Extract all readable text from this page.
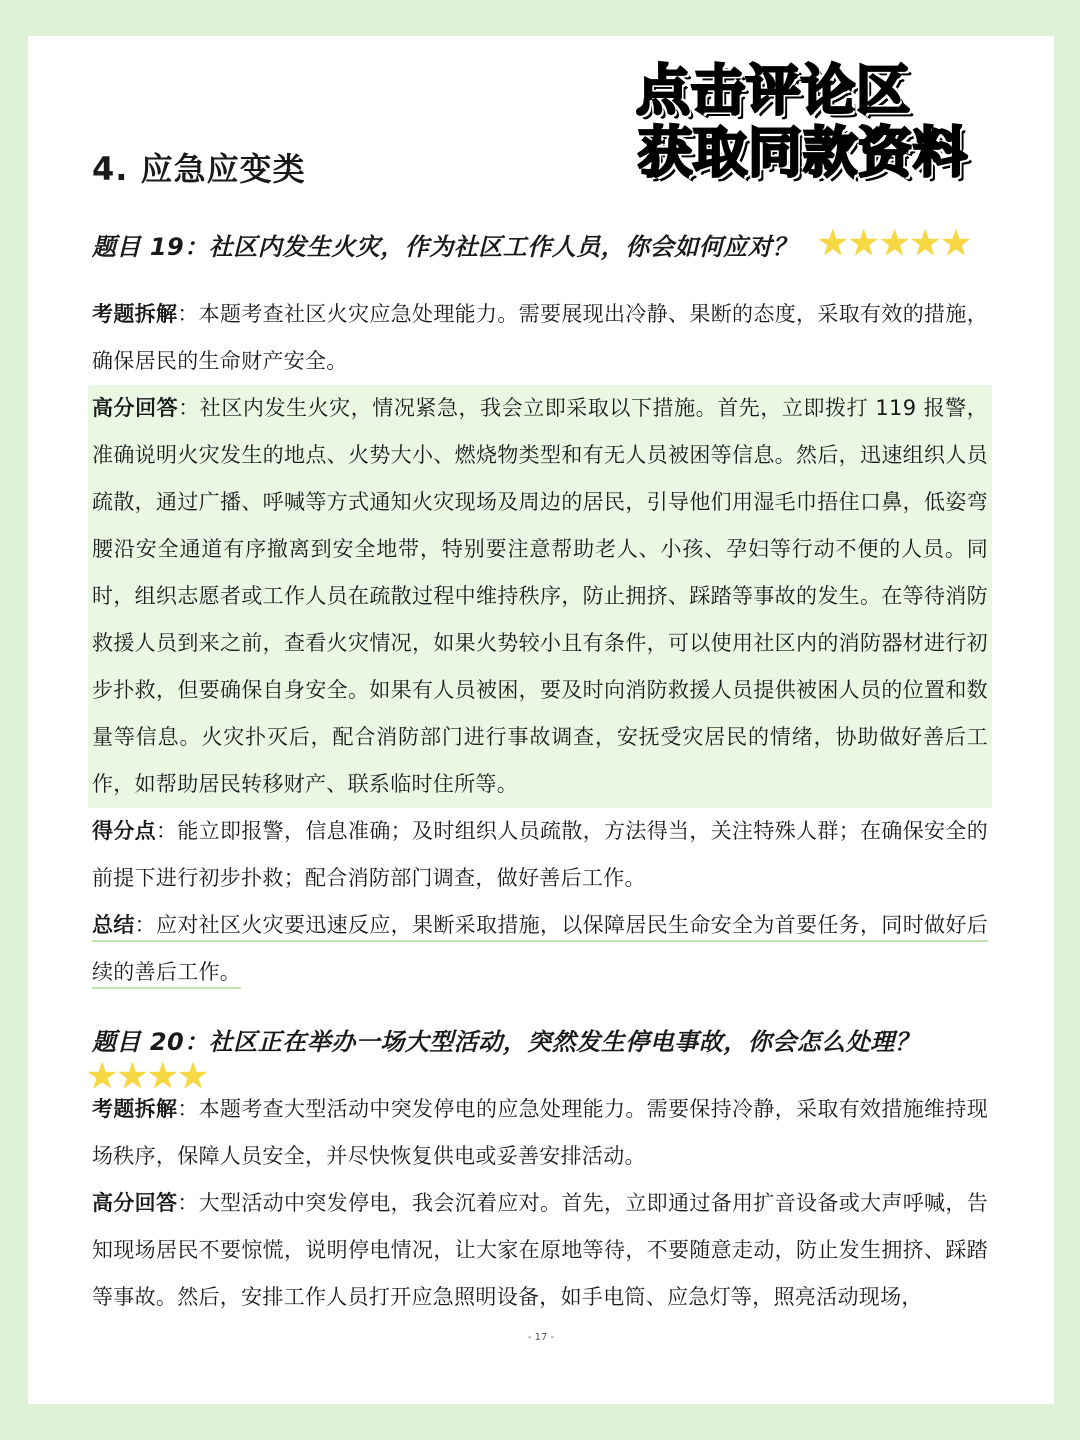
点击评论区
获取同款资料
4. 应急应变类
题目 19：社区内发生火灾，作为社区工作人员，你会如何应对？ ★
★
★
★
★

考题拆解：本题考查社区火灾应急处理能力。需要展现出冷静、果断的态度，采取有效的措施，确保居民的生命财产安全。

高分回答：社区内发生火灾，情况紧急，我会立即采取以下措施。首先，立即拨打 119 报警，准确说明火灾发生的地点、火势大小、燃烧物类型和有无人员被困等信息。然后，迅速组织人员疏散，通过广播、呼喊等方式通知火灾现场及周边的居民，引导他们用湿毛巾捂住口鼻，低姿弯腰沿安全通道有序撤离到安全地带，特别要注意帮助老人、小孩、孕妇等行动不便的人员。同时，组织志愿者或工作人员在疏散过程中维持秩序，防止拥挤、踩踏等事故的发生。在等待消防救援人员到来之前，查看火灾情况，如果火势较小且有条件，可以使用社区内的消防器材进行初步扑救，但要确保自身安全。如果有人员被困，要及时向消防救援人员提供被困人员的位置和数量等信息。火灾扑灭后，配合消防部门进行事故调查，安抚受灾居民的情绪，协助做好善后工作，如帮助居民转移财产、联系临时住所等。

得分点：能立即报警，信息准确；及时组织人员疏散，方法得当，关注特殊人群；在确保安全的前提下进行初步扑救；配合消防部门调查，做好善后工作。

总结：应对社区火灾要迅速反应，果断采取措施，以保障居民生命安全为首要任务，同时做好后续的善后工作。

题目 20：社区正在举办一场大型活动，突然发生停电事故，你会怎么处理？
★
★
★
★

考题拆解：本题考查大型活动中突发停电的应急处理能力。需要保持冷静，采取有效措施维持现场秩序，保障人员安全，并尽快恢复供电或妥善安排活动。

高分回答：大型活动中突发停电，我会沉着应对。首先，立即通过备用扩音设备或大声呼喊，告知现场居民不要惊慌，说明停电情况，让大家在原地等待，不要随意走动，防止发生拥挤、踩踏等事故。然后，安排工作人员打开应急照明设备，如手电筒、应急灯等，照亮活动现场，

- 17 -
